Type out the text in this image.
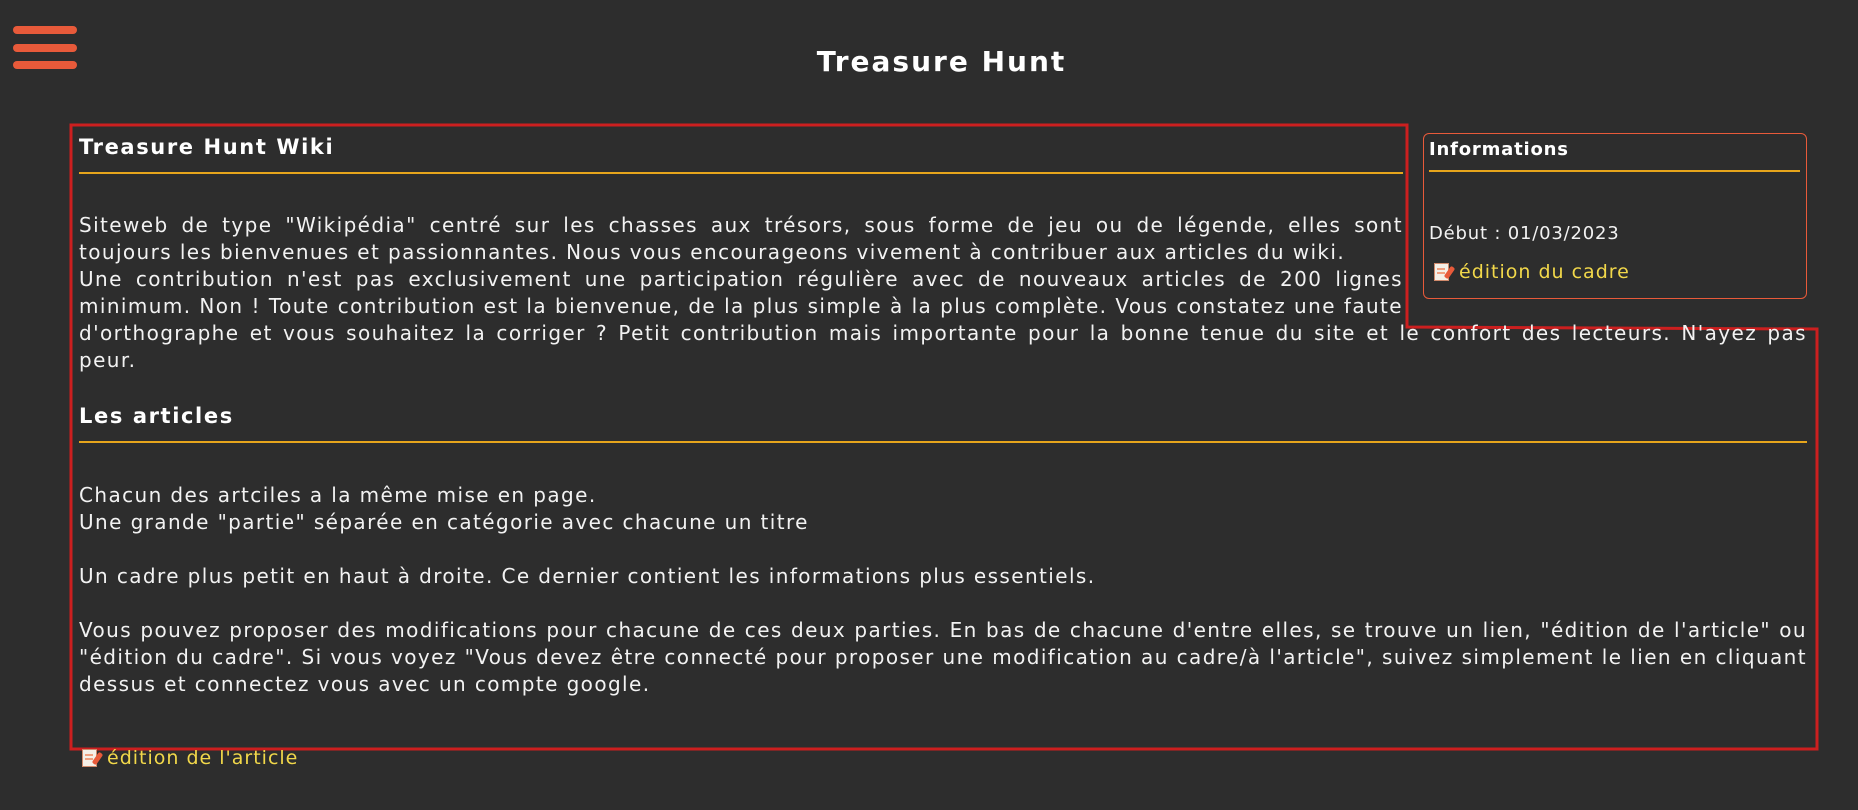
Treasure Hunt
Informations
Début : 01/03/2023
édition du cadre
Treasure Hunt Wiki

Siteweb de type "Wikipédia" centré sur les chasses aux trésors, sous forme de jeu ou de légende, elles sont toujours les bienvenues et passionnantes. Nous vous encourageons vivement à contribuer aux articles du wiki.

Une contribution n'est pas exclusivement une participation régulière avec de nouveaux articles de 200 lignes minimum. Non ! Toute contribution est la bienvenue, de la plus simple à la plus complète. Vous constatez une faute d'orthographe et vous souhaitez la corriger ? Petit contribution mais importante pour la bonne tenue du site et le confort des lecteurs. N'ayez pas peur.

Les articles

Chacun des artciles a la même mise en page.

Une grande "partie" séparée en catégorie avec chacune un titre

Un cadre plus petit en haut à droite. Ce dernier contient les informations plus essentiels.

Vous pouvez proposer des modifications pour chacune de ces deux parties. En bas de chacune d'entre elles, se trouve un lien, "édition de l'article" ou "édition du cadre". Si vous voyez "Vous devez être connecté pour proposer une modification au cadre/à l'article", suivez simplement le lien en cliquant dessus et connectez vous avec un compte google.

édition de l'article
